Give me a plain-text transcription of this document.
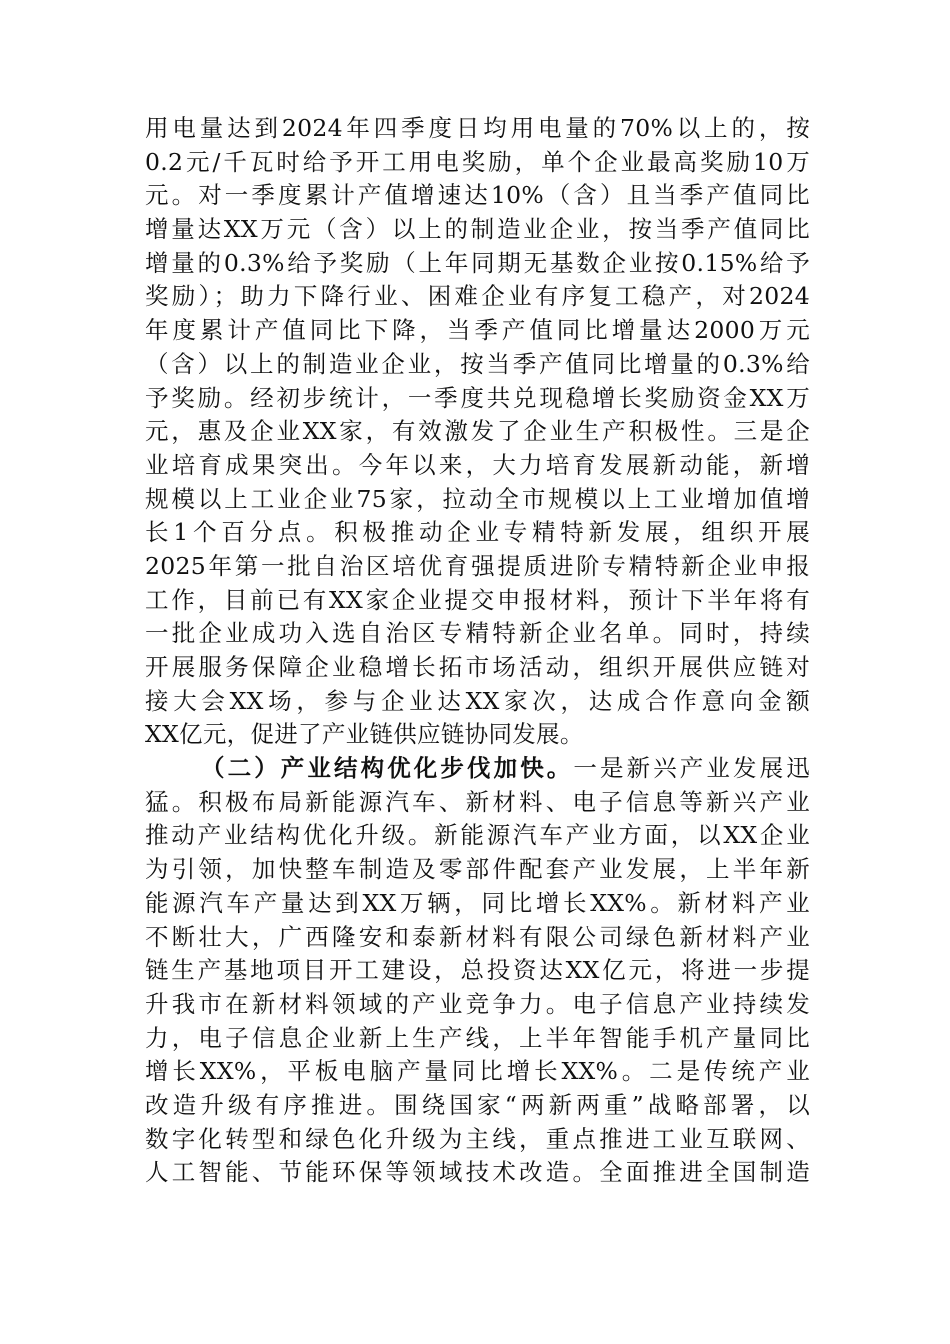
用电量达到2024年四季度日均用电量的70%以上的，按
0.2元/千瓦时给予开工用电奖励，单个企业最高奖励10万
元。对一季度累计产值增速达10%（含）且当季产值同比
增量达XX万元（含）以上的制造业企业，按当季产值同比
增量的0.3%给予奖励（上年同期无基数企业按0.15%给予
奖励）；助力下降行业、困难企业有序复工稳产，对2024
年度累计产值同比下降，当季产值同比增量达2000万元
（含）以上的制造业企业，按当季产值同比增量的0.3%给
予奖励。经初步统计，一季度共兑现稳增长奖励资金XX万
元，惠及企业XX家，有效激发了企业生产积极性。三是企
业培育成果突出。今年以来，大力培育发展新动能，新增
规模以上工业企业75家，拉动全市规模以上工业增加值增
长1个百分点。积极推动企业专精特新发展，组织开展
2025年第一批自治区培优育强提质进阶专精特新企业申报
工作，目前已有XX家企业提交申报材料，预计下半年将有
一批企业成功入选自治区专精特新企业名单。同时，持续
开展服务保障企业稳增长拓市场活动，组织开展供应链对
接大会XX场，参与企业达XX家次，达成合作意向金额
XX亿元，促进了产业链供应链协同发展。
（二）产业结构优化步伐加快。一是新兴产业发展迅
猛。积极布局新能源汽车、新材料、电子信息等新兴产业
推动产业结构优化升级。新能源汽车产业方面，以XX企业
为引领，加快整车制造及零部件配套产业发展，上半年新
能源汽车产量达到XX万辆，同比增长XX%。新材料产业
不断壮大，广西隆安和泰新材料有限公司绿色新材料产业
链生产基地项目开工建设，总投资达XX亿元，将进一步提
升我市在新材料领域的产业竞争力。电子信息产业持续发
力，电子信息企业新上生产线，上半年智能手机产量同比
增长XX%，平板电脑产量同比增长XX%。二是传统产业
改造升级有序推进。围绕国家“两新两重”战略部署，以
数字化转型和绿色化升级为主线，重点推进工业互联网、
人工智能、节能环保等领域技术改造。全面推进全国制造
